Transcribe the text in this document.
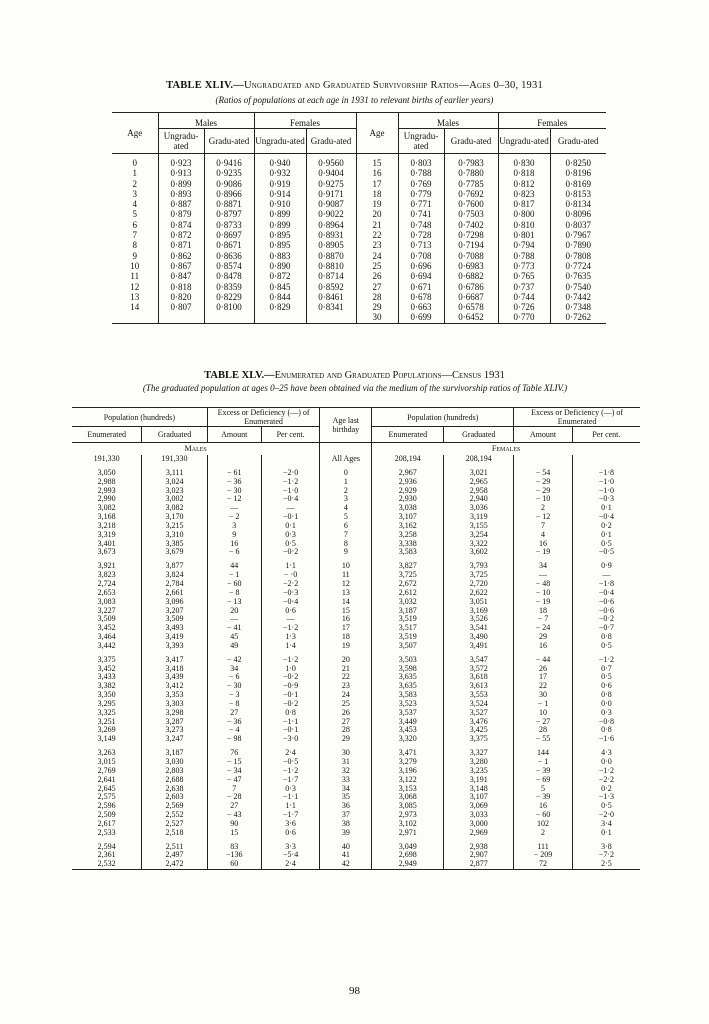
TABLE XLIV.—Ungraduated and Graduated Survivorship Ratios—Ages 0–30, 1931
(Ratios of populations at each age in 1931 to relevant births of earlier years)
Age	Males		Females		Age	Males		Females	
	Ungradu-ated	Gradu-ated	Ungradu-ated	Gradu-ated		Ungradu-ated	Gradu-ated	Ungradu-ated	Gradu-ated
0	0·923	0·9416	0·940	0·9560	15	0·803	0·7983	0·830	0·8250
1	0·913	0·9235	0·932	0·9404	16	0·788	0·7880	0·818	0·8196
2	0·899	0·9086	0·919	0·9275	17	0·769	0·7785	0·812	0·8169
3	0·893	0·8966	0·914	0·9171	18	0·779	0·7692	0·823	0·8153
4	0·887	0·8871	0·910	0·9087	19	0·771	0·7600	0·817	0·8134
5	0·879	0·8797	0·899	0·9022	20	0·741	0·7503	0·800	0·8096
6	0·874	0·8733	0·899	0·8964	21	0·748	0·7402	0·810	0·8037
7	0·872	0·8697	0·895	0·8931	22	0·728	0·7298	0·801	0·7967
8	0·871	0·8671	0·895	0·8905	23	0·713	0·7194	0·794	0·7890
9	0·862	0·8636	0·883	0·8870	24	0·708	0·7088	0·788	0·7808
10	0·867	0·8574	0·890	0·8810	25	0·696	0·6983	0·773	0·7724
11	0·847	0·8478	0·872	0·8714	26	0·694	0·6882	0·765	0·7635
12	0·818	0·8359	0·845	0·8592	27	0·671	0·6786	0·737	0·7540
13	0·820	0·8229	0·844	0·8461	28	0·678	0·6687	0·744	0·7442
14	0·807	0·8100	0·829	0·8341	29	0·663	0·6578	0·726	0·7348
					30	0·699	0·6452	0·770	0·7262
TABLE XLV.—Enumerated and Graduated Populations—Census 1931
(The graduated population at ages 0–25 have been obtained via the medium of the survivorship ratios of Table XLIV.)
Population (hundreds)		Excess or Deficiency (—) of Enumerated		Age last birthday	Population (hundreds)		Excess or Deficiency (—) of Enumerated	
Enumerated	Graduated	Amount	Per cent.		Enumerated	Graduated	Amount	Per cent.
Males					Females			
191,330	191,330			All Ages	208,194	208,194		

3,050	3,111	− 61	−2·0	0	2,967	3,021	− 54	−1·8
2,988	3,024	− 36	−1·2	1	2,936	2,965	− 29	−1·0
2,993	3,023	− 30	−1·0	2	2,929	2,958	− 29	−1·0
2,990	3,002	− 12	−0·4	3	2,930	2,940	− 10	−0·3
3,082	3,082	—	—	4	3,038	3,036	2	0·1
3,168	3,170	− 2	−0·1	5	3,107	3,119	− 12	−0·4
3,218	3,215	3	0·1	6	3,162	3,155	7	0·2
3,319	3,310	9	0·3	7	3,258	3,254	4	0·1
3,401	3,385	16	0·5	8	3,338	3,322	16	0·5
3,673	3,679	− 6	−0·2	9	3,583	3,602	− 19	−0·5

3,921	3,877	44	1·1	10	3,827	3,793	34	0·9
3,823	3,824	− 1	− ·0	11	3,725	3,725	—	—
2,724	2,784	− 60	−2·2	12	2,672	2,720	− 48	−1·8
2,653	2,661	− 8	−0·3	13	2,612	2,622	− 10	−0·4
3,083	3,096	− 13	−0·4	14	3,032	3,051	− 19	−0·6
3,227	3,207	20	0·6	15	3,187	3,169	18	−0·6
3,509	3,509	—	—	16	3,519	3,526	− 7	−0·2
3,452	3,493	− 41	−1·2	17	3,517	3,541	− 24	−0·7
3,464	3,419	45	1·3	18	3,519	3,490	29	0·8
3,442	3,393	49	1·4	19	3,507	3,491	16	0·5

3,375	3,417	− 42	−1·2	20	3,503	3,547	− 44	−1·2
3,452	3,418	34	1·0	21	3,598	3,572	26	0·7
3,433	3,439	− 6	−0·2	22	3,635	3,618	17	0·5
3,382	3,412	− 30	−0·9	23	3,635	3,613	22	0·6
3,350	3,353	− 3	−0·1	24	3,583	3,553	30	0·8
3,295	3,303	− 8	−0·2	25	3,523	3,524	− 1	0·0
3,325	3,298	27	0·8	26	3,537	3,527	10	0·3
3,251	3,287	− 36	−1·1	27	3,449	3,476	− 27	−0·8
3,269	3,273	− 4	−0·1	28	3,453	3,425	28	0·8
3,149	3,247	− 98	−3·0	29	3,320	3,375	− 55	−1·6

3,263	3,187	76	2·4	30	3,471	3,327	144	4·3
3,015	3,030	− 15	−0·5	31	3,279	3,280	− 1	0·0
2,769	2,803	− 34	−1·2	32	3,196	3,235	− 39	−1·2
2,641	2,688	− 47	−1·7	33	3,122	3,191	− 69	−2·2
2,645	2,638	7	0·3	34	3,153	3,148	5	0·2
2,575	2,603	− 28	−1·1	35	3,068	3,107	− 39	−1·3
2,596	2,569	27	1·1	36	3,085	3,069	16	0·5
2,509	2,552	− 43	−1·7	37	2,973	3,033	− 60	−2·0
2,617	2,527	90	3·6	38	3,102	3,000	102	3·4
2,533	2,518	15	0·6	39	2,971	2,969	2	0·1

2,594	2,511	83	3·3	40	3,049	2,938	111	3·8
2,361	2,497	−136	−5·4	41	2,698	2,907	− 209	−7·2
2,532	2,472	60	2·4	42	2,949	2,877	72	2·5
98
